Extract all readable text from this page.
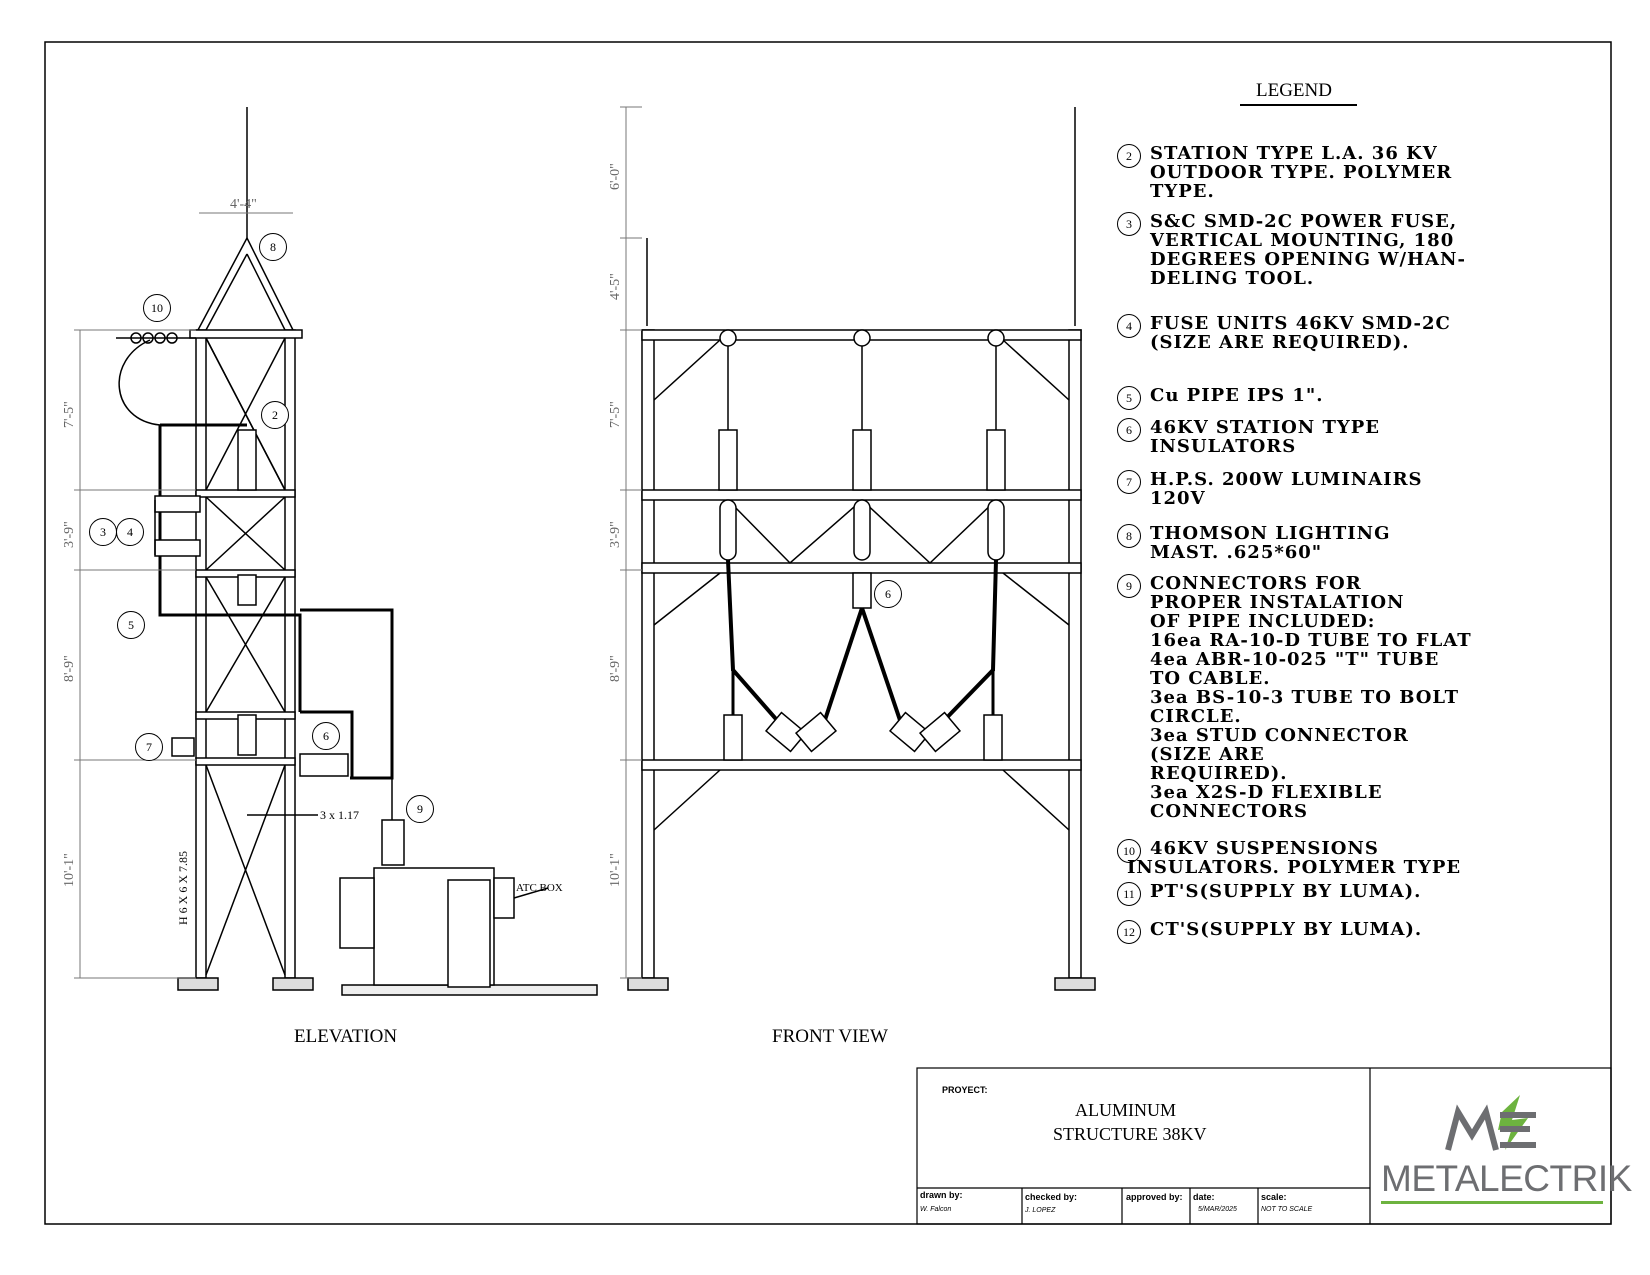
LEGEND
2	STATION TYPE L.A. 36 KV
OUTDOOR TYPE. POLYMER
TYPE.
3	S&C SMD-2C POWER FUSE,
VERTICAL MOUNTING, 180
DEGREES OPENING W/HAN-
DELING TOOL.
4	FUSE UNITS 46KV SMD-2C
(SIZE ARE REQUIRED).
5	Cu PIPE IPS 1".
6	46KV STATION TYPE
INSULATORS
7	H.P.S. 200W LUMINAIRS
120V
8	THOMSON LIGHTING
MAST. .625*60"
9	CONNECTORS FOR
PROPER INSTALATION
OF PIPE INCLUDED:
16ea RA-10-D TUBE TO FLAT
4ea ABR-10-025 "T" TUBE
TO CABLE.
3ea BS-10-3 TUBE TO BOLT
CIRCLE.
3ea STUD CONNECTOR
(SIZE ARE
REQUIRED).
3ea X2S-D FLEXIBLE
CONNECTORS
10 46KV SUSPENSIONS
INSULATORS. POLYMER TYPE
11 PT'S(SUPPLY BY LUMA).
12 CT'S(SUPPLY BY LUMA).
4'-4"
7'-5"
3'-9"
8'-9"
10'-1"
6'-0"
4'-5"
7'-5"
3'-9"
8'-9"
10'-1"
3 x 1.17
H 6 X 6 X 7.85	ATC BOX
8
10
2
3	4
5
6
7
9
6
ELEVATION	FRONT VIEW
PROYECT:
ALUMINUM
STRUCTURE 38KV
drawn by:
W. Falcon
checked by:
J. LOPEZ
approved by: date:
5/MAR/2025
scale:
NOT TO SCALE
METALECTRIK
